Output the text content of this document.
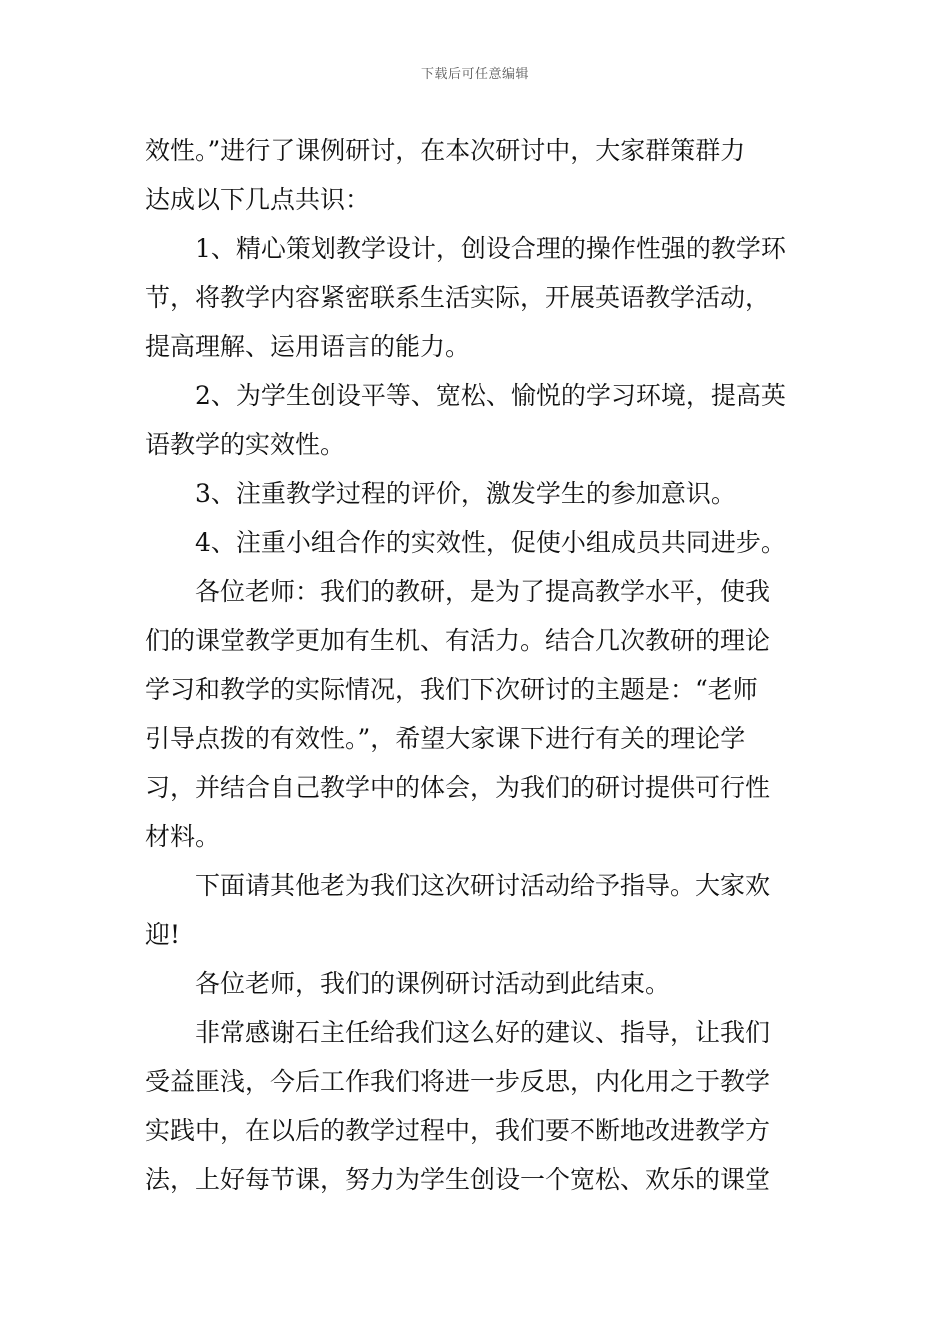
下载后可任意编辑
效性。”进行了课例研讨，在本次研讨中，大家群策群力
达成以下几点共识：
1、精心策划教学设计，创设合理的操作性强的教学环
节，将教学内容紧密联系生活实际，开展英语教学活动，
提高理解、运用语言的能力。
2、为学生创设平等、宽松、愉悦的学习环境，提高英
语教学的实效性。
3、注重教学过程的评价，激发学生的参加意识。
4、注重小组合作的实效性，促使小组成员共同进步。
各位老师：我们的教研，是为了提高教学水平，使我
们的课堂教学更加有生机、有活力。结合几次教研的理论
学习和教学的实际情况，我们下次研讨的主题是：“老师
引导点拨的有效性。”，希望大家课下进行有关的理论学
习，并结合自己教学中的体会，为我们的研讨提供可行性
材料。
下面请其他老为我们这次研讨活动给予指导。大家欢
迎!
各位老师，我们的课例研讨活动到此结束。
非常感谢石主任给我们这么好的建议、指导，让我们
受益匪浅，今后工作我们将进一步反思，内化用之于教学
实践中，在以后的教学过程中，我们要不断地改进教学方
法，上好每节课，努力为学生创设一个宽松、欢乐的课堂
